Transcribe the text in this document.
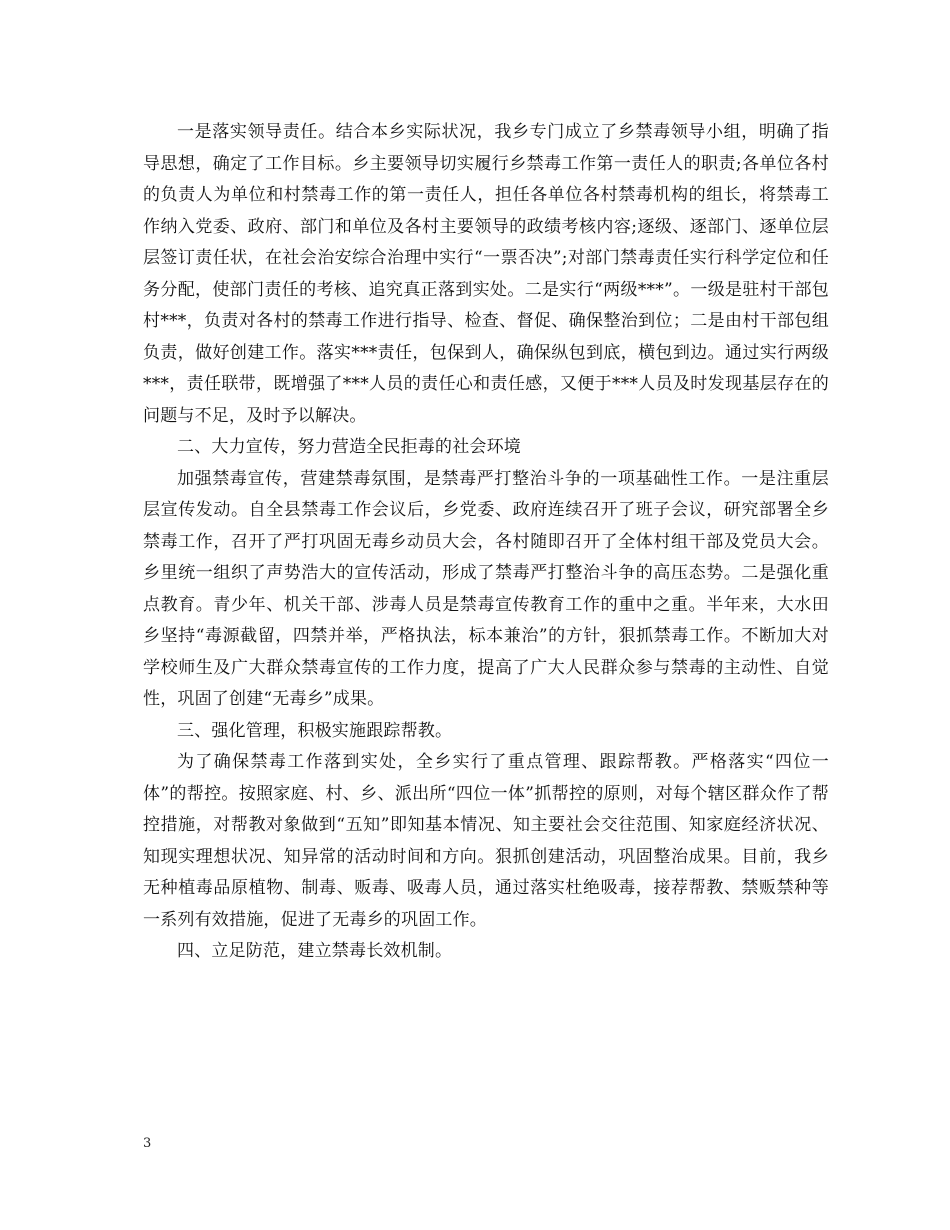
一是落实领导责任。结合本乡实际状况，我乡专门成立了乡禁毒领导小组，明确了指导思想，确定了工作目标。乡主要领导切实履行乡禁毒工作第一责任人的职责;各单位各村的负责人为单位和村禁毒工作的第一责任人，担任各单位各村禁毒机构的组长，将禁毒工作纳入党委、政府、部门和单位及各村主要领导的政绩考核内容;逐级、逐部门、逐单位层层签订责任状，在社会治安综合治理中实行“一票否决”;对部门禁毒责任实行科学定位和任务分配，使部门责任的考核、追究真正落到实处。二是实行“两级***”。一级是驻村干部包村***，负责对各村的禁毒工作进行指导、检查、督促、确保整治到位；二是由村干部包组负责，做好创建工作。落实***责任，包保到人，确保纵包到底，横包到边。通过实行两级***，责任联带，既增强了***人员的责任心和责任感，又便于***人员及时发现基层存在的问题与不足，及时予以解决。

二、大力宣传，努力营造全民拒毒的社会环境

加强禁毒宣传，营建禁毒氛围，是禁毒严打整治斗争的一项基础性工作。一是注重层层宣传发动。自全县禁毒工作会议后，乡党委、政府连续召开了班子会议，研究部署全乡禁毒工作，召开了严打巩固无毒乡动员大会，各村随即召开了全体村组干部及党员大会。乡里统一组织了声势浩大的宣传活动，形成了禁毒严打整治斗争的高压态势。二是强化重点教育。青少年、机关干部、涉毒人员是禁毒宣传教育工作的重中之重。半年来，大水田乡坚持“毒源截留，四禁并举，严格执法，标本兼治”的方针，狠抓禁毒工作。不断加大对学校师生及广大群众禁毒宣传的工作力度，提高了广大人民群众参与禁毒的主动性、自觉性，巩固了创建“无毒乡”成果。

三、强化管理，积极实施跟踪帮教。

为了确保禁毒工作落到实处，全乡实行了重点管理、跟踪帮教。严格落实“四位一体”的帮控。按照家庭、村、乡、派出所“四位一体”抓帮控的原则，对每个辖区群众作了帮控措施，对帮教对象做到“五知”即知基本情况、知主要社会交往范围、知家庭经济状况、知现实理想状况、知异常的活动时间和方向。狠抓创建活动，巩固整治成果。目前，我乡无种植毒品原植物、制毒、贩毒、吸毒人员，通过落实杜绝吸毒，接荐帮教、禁贩禁种等一系列有效措施，促进了无毒乡的巩固工作。

四、立足防范，建立禁毒长效机制。

3
